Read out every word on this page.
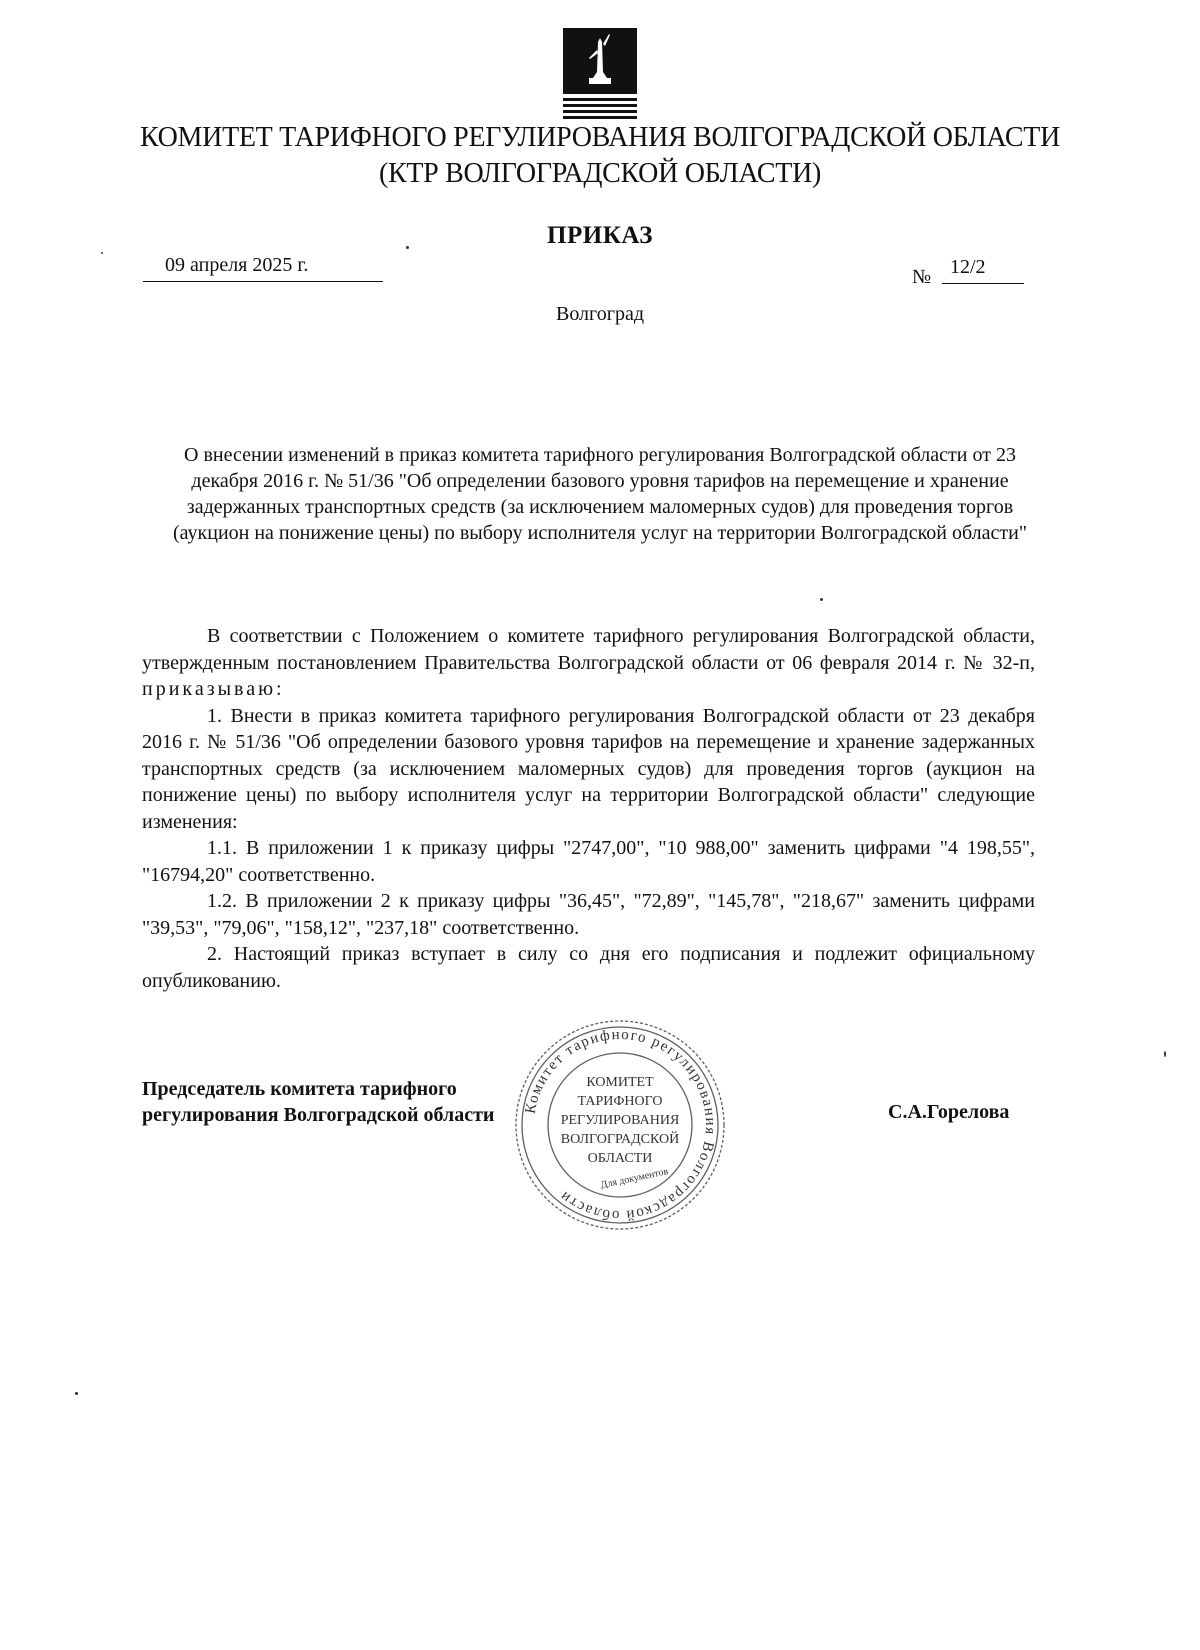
КОМИТЕТ ТАРИФНОГО РЕГУЛИРОВАНИЯ ВОЛГОГРАДСКОЙ ОБЛАСТИ
(КТР ВОЛГОГРАДСКОЙ ОБЛАСТИ)
ПРИКАЗ
09 апреля 2025 г.
№ 12/2
Волгоград
О внесении изменений в приказ комитета тарифного регулирования Волгоградской области от 23 декабря 2016 г. № 51/36 "Об определении базового уровня тарифов на перемещение и хранение задержанных транспортных средств (за исключением маломерных судов) для проведения торгов (аукцион на понижение цены) по выбору исполнителя услуг на территории Волгоградской области"

В соответствии с Положением о комитете тарифного регулирования Волгоградской области, утвержденным постановлением Правительства Волгоградской области от 06 февраля 2014 г. № 32-п, приказываю:

1. Внести в приказ комитета тарифного регулирования Волгоградской области от 23 декабря 2016 г. № 51/36 "Об определении базового уровня тарифов на перемещение и хранение задержанных транспортных средств (за исключением маломерных судов) для проведения торгов (аукцион на понижение цены) по выбору исполнителя услуг на территории Волгоградской области" следующие изменения:

1.1. В приложении 1 к приказу цифры "2747,00", "10 988,00" заменить цифрами "4 198,55", "16794,20" соответственно.

1.2. В приложении 2 к приказу цифры "36,45", "72,89", "145,78", "218,67" заменить цифрами "39,53", "79,06", "158,12", "237,18" соответственно.

2. Настоящий приказ вступает в силу со дня его подписания и подлежит официальному опубликованию.

Председатель комитета тарифного
регулирования Волгоградской области	С.А.Горелова
Комитет тарифного регулирования Волгоградской области
КОМИТЕТ
ТАРИФНОГО
РЕГУЛИРОВАНИЯ
ВОЛГОГРАДСКОЙ
ОБЛАСТИ
Для документов
